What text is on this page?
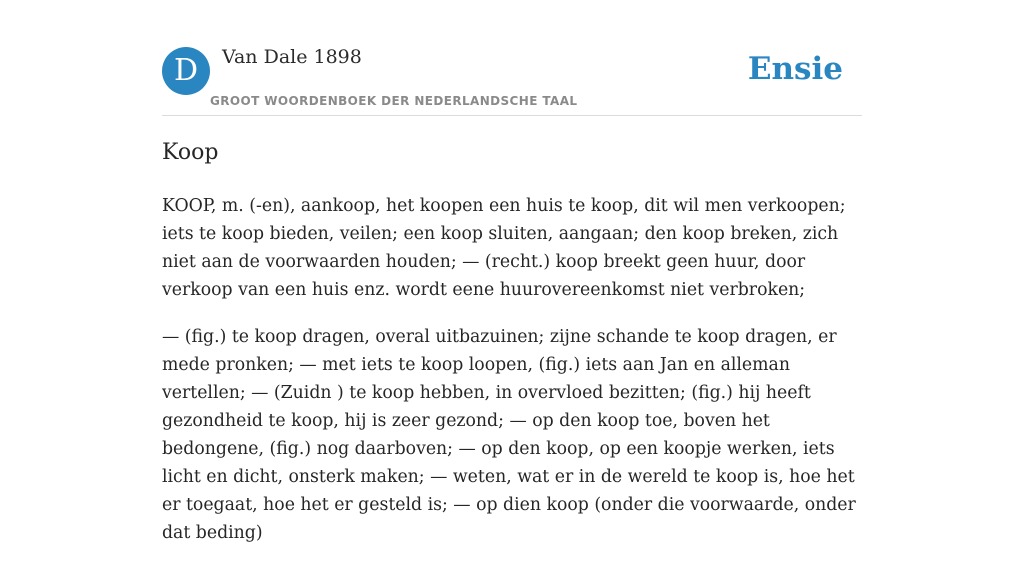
D	Van Dale 1898
GROOT WOORDENBOEK DER NEDERLANDSCHE TAAL
Ensie
Koop

KOOP, m. (-en), aankoop, het koopen een huis te koop, dit wil men verkoopen; iets te koop bieden, veilen; een koop sluiten, aangaan; den koop breken, zich niet aan de voorwaarden houden; — (recht.) koop breekt geen huur, door verkoop van een huis enz. wordt eene huurovereenkomst niet verbroken;

— (fig.) te koop dragen, overal uitbazuinen; zijne schande te koop dragen, er mede pronken; — met iets te koop loopen, (fig.) iets aan Jan en alleman vertellen; — (Zuidn ) te koop hebben, in overvloed bezitten; (fig.) hij heeft gezondheid te koop, hij is zeer gezond; — op den koop toe, boven het bedongene, (fig.) nog daarboven; — op den koop, op een koopje werken, iets licht en dicht, onsterk maken; — weten, wat er in de wereld te koop is, hoe het er toegaat, hoe het er gesteld is; — op dien koop (onder die voorwaarde, onder dat beding)
